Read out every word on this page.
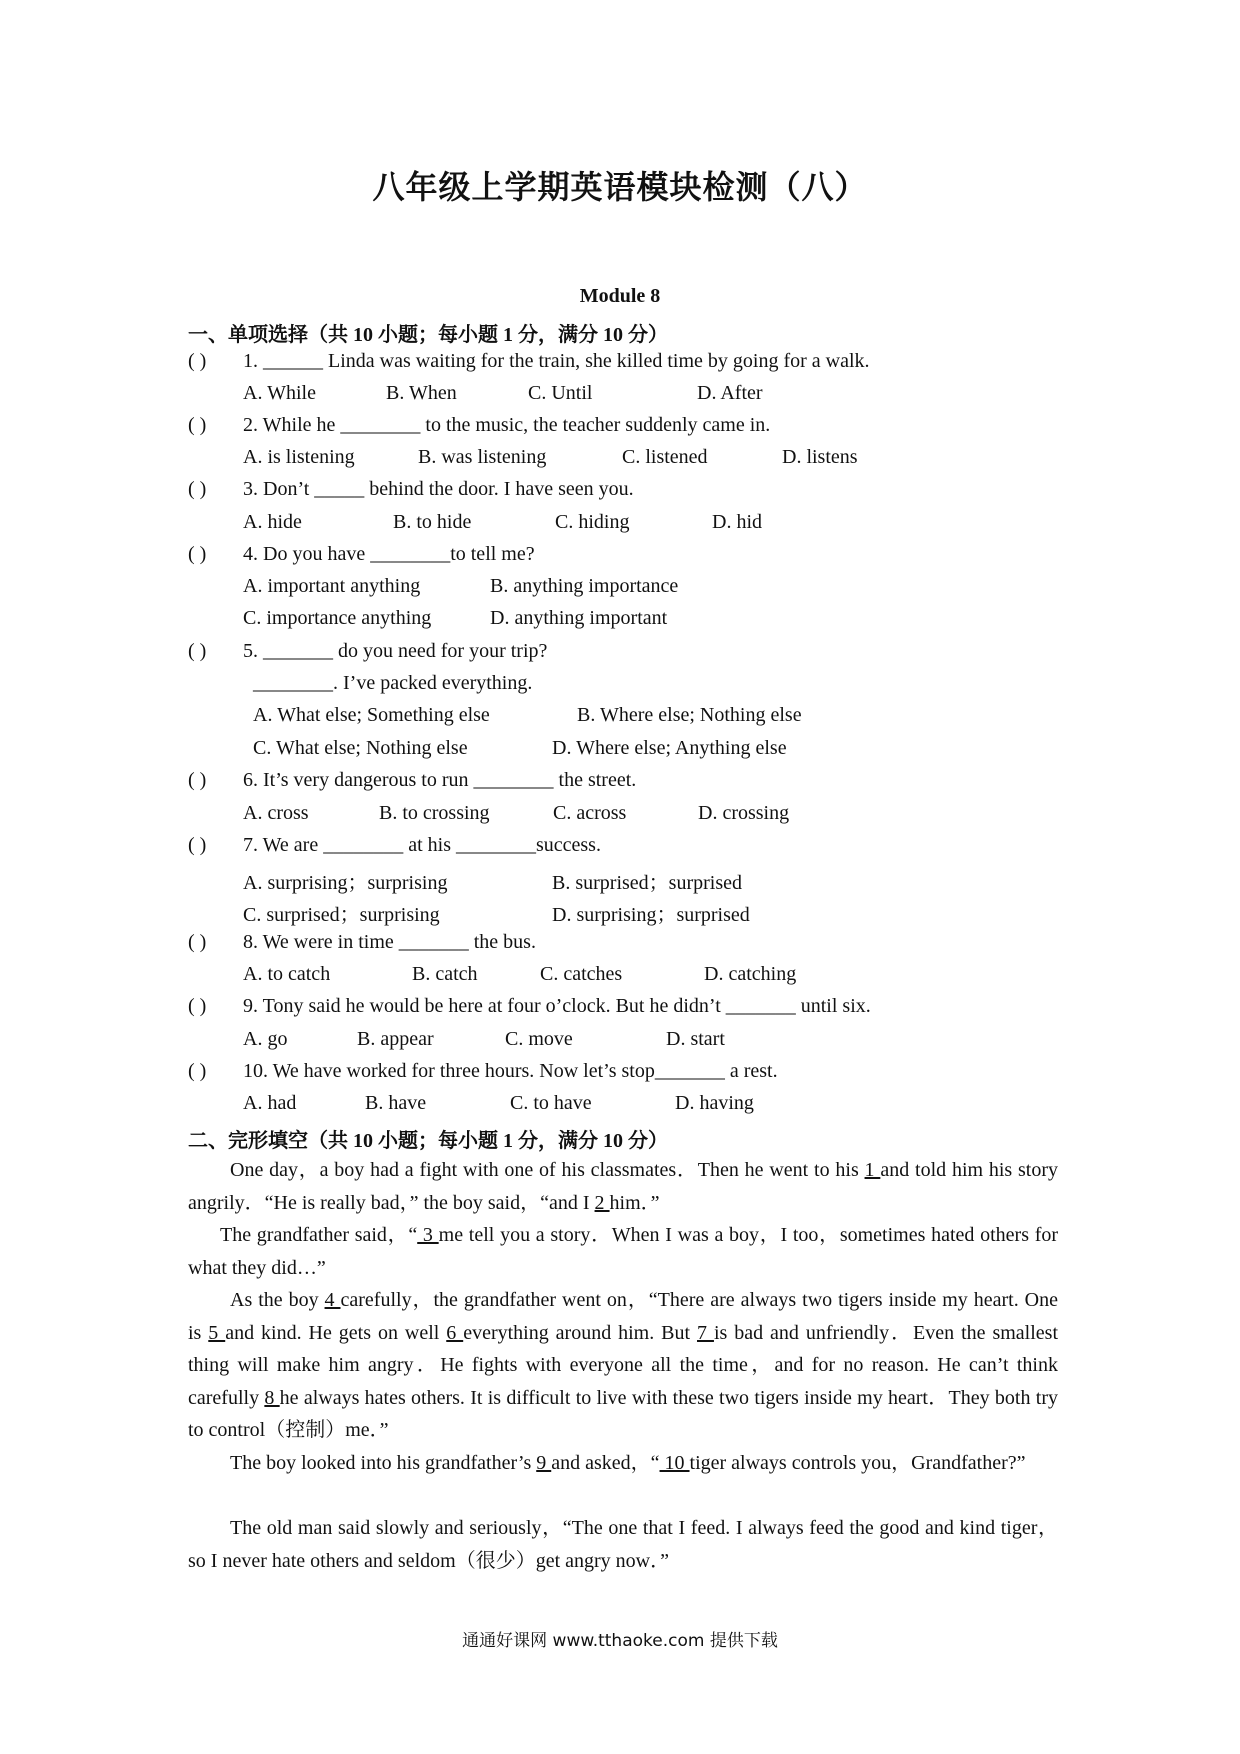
八年级上学期英语模块检测（八）
Module 8
一、单项选择（共 10 小题；每小题 1 分，满分 10 分）
( ) 1. ______ Linda was waiting for the train, she killed time by going for a walk.
A. While	B. When	C. Until	D. After
( ) 2. While he ________ to the music, the teacher suddenly came in.
A. is listening	B. was listening	C. listened	D. listens
( ) 3. Don’t _____ behind the door. I have seen you.
A. hide	B. to hide	C. hiding	D. hid
( ) 4. Do you have ________to tell me?
A. important anything	B. anything importance
C. importance anything	D. anything important
( ) 5. _______ do you need for your trip?
________. I’ve packed everything.
A. What else; Something else	B. Where else; Nothing else
C. What else; Nothing else	D. Where else; Anything else
( ) 6. It’s very dangerous to run ________ the street.
A. cross	B. to crossing	C. across	D. crossing
( ) 7. We are ________ at his ________success.
A. surprising；surprising	B. surprised；surprised
C. surprised；surprising	D. surprising；surprised
( ) 8. We were in time _______ the bus.
A. to catch	B. catch	C. catches	D. catching
( ) 9. Tony said he would be here at four o’clock. But he didn’t _______ until six.
A. go	B. appear	C. move	D. start
( ) 10. We have worked for three hours. Now let’s stop_______ a rest.
A. had	B. have	C. to have	D. having
二、完形填空（共 10 小题；每小题 1 分，满分 10 分）
One day，a boy had a fight with one of his classmates．Then he went to his 1 and told him his story angrily．“He is really bad，” the boy said，“and I 2 him．”
The grandfather said，“ 3 me tell you a story．When I was a boy，I too，sometimes hated others for what they did…”
As the boy 4 carefully，the grandfather went on，“There are always two tigers inside my heart. One is 5 and kind. He gets on well 6 everything around him. But 7 is bad and unfriendly．Even the smallest thing will make him angry．He fights with everyone all the time，and for no reason. He can’t think carefully 8 he always hates others. It is difficult to live with these two tigers inside my heart．They both try to control（控制）me．”
The boy looked into his grandfather’s 9 and asked，“ 10 tiger always controls you，Grandfather?”
The old man said slowly and seriously，“The one that I feed. I always feed the good and kind tiger，so I never hate others and seldom（很少）get angry now．”
通通好课网 www.tthaoke.com 提供下载
